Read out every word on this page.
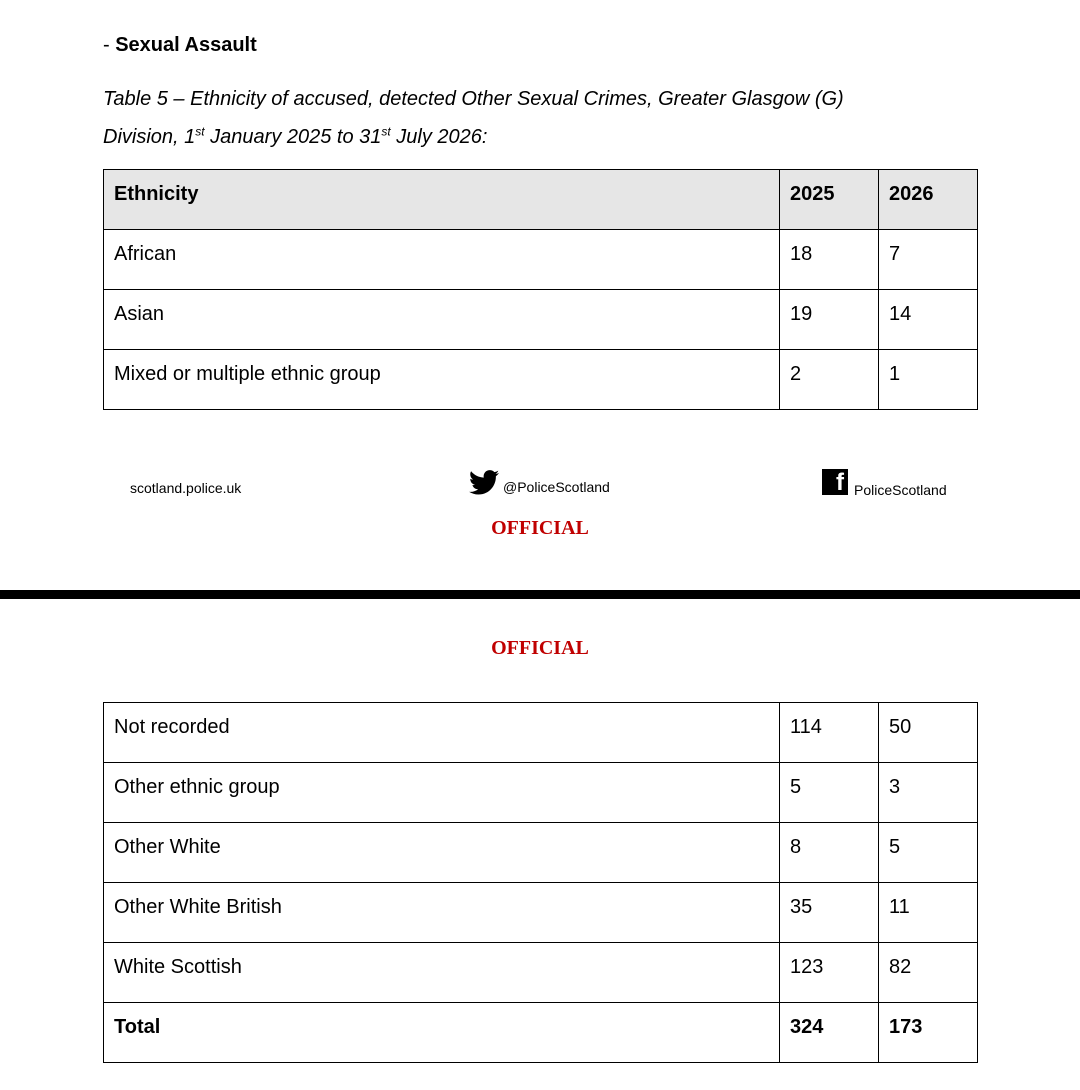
- Sexual Assault
Table 5 – Ethnicity of accused, detected Other Sexual Crimes, Greater Glasgow (G)
Division, 1st January 2025 to 31st July 2026:
Ethnicity	2025	2026
African	18	7
Asian	19	14
Mixed or multiple ethnic group	2	1
scotland.police.uk	@PoliceScotland	f PoliceScotland
OFFICIAL
OFFICIAL
Not recorded	114	50
Other ethnic group	5	3
Other White	8	5
Other White British	35	11
White Scottish	123	82
Total	324	173
